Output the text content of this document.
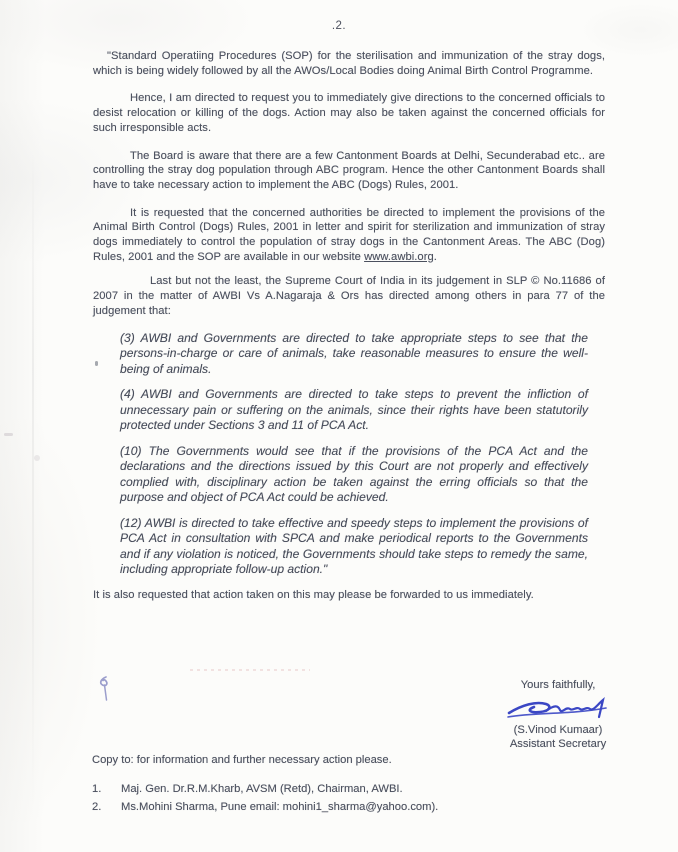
.2.

"Standard Operatiing Procedures (SOP) for the sterilisation and immunization of the stray dogs, which is being widely followed by all the AWOs/Local Bodies doing Animal Birth Control Programme.

Hence, I am directed to request you to immediately give directions to the concerned officials to desist relocation or killing of the dogs. Action may also be taken against the concerned officials for such irresponsible acts.

The Board is aware that there are a few Cantonment Boards at Delhi, Secunderabad etc.. are controlling the stray dog population through ABC program. Hence the other Cantonment Boards shall have to take necessary action to implement the ABC (Dogs) Rules, 2001.

It is requested that the concerned authorities be directed to implement the provisions of the Animal Birth Control (Dogs) Rules, 2001 in letter and spirit for sterilization and immunization of stray dogs immediately to control the population of stray dogs in the Cantonment Areas. The ABC (Dog) Rules, 2001 and the SOP are available in our website www.awbi.org.

Last but not the least, the Supreme Court of India in its judgement in SLP © No.11686 of 2007 in the matter of AWBI Vs A.Nagaraja & Ors has directed among others in para 77 of the judgement that:

(3) AWBI and Governments are directed to take appropriate steps to see that the persons-in-charge or care of animals, take reasonable measures to ensure the well-being of animals.

(4) AWBI and Governments are directed to take steps to prevent the infliction of unnecessary pain or suffering on the animals, since their rights have been statutorily protected under Sections 3 and 11 of PCA Act.

(10) The Governments would see that if the provisions of the PCA Act and the declarations and the directions issued by this Court are not properly and effectively complied with, disciplinary action be taken against the erring officials so that the purpose and object of PCA Act could be achieved.

(12) AWBI is directed to take effective and speedy steps to implement the provisions of PCA Act in consultation with SPCA and make periodical reports to the Governments and if any violation is noticed, the Governments should take steps to remedy the same, including appropriate follow-up action."

It is also requested that action taken on this may please be forwarded to us immediately.

Yours faithfully,
(S.Vinod Kumaar)
Assistant Secretary
Copy to: for information and further necessary action please.
1.	Maj. Gen. Dr.R.M.Kharb, AVSM (Retd), Chairman, AWBI.
2.	Ms.Mohini Sharma, Pune email: mohini1_sharma@yahoo.com).
